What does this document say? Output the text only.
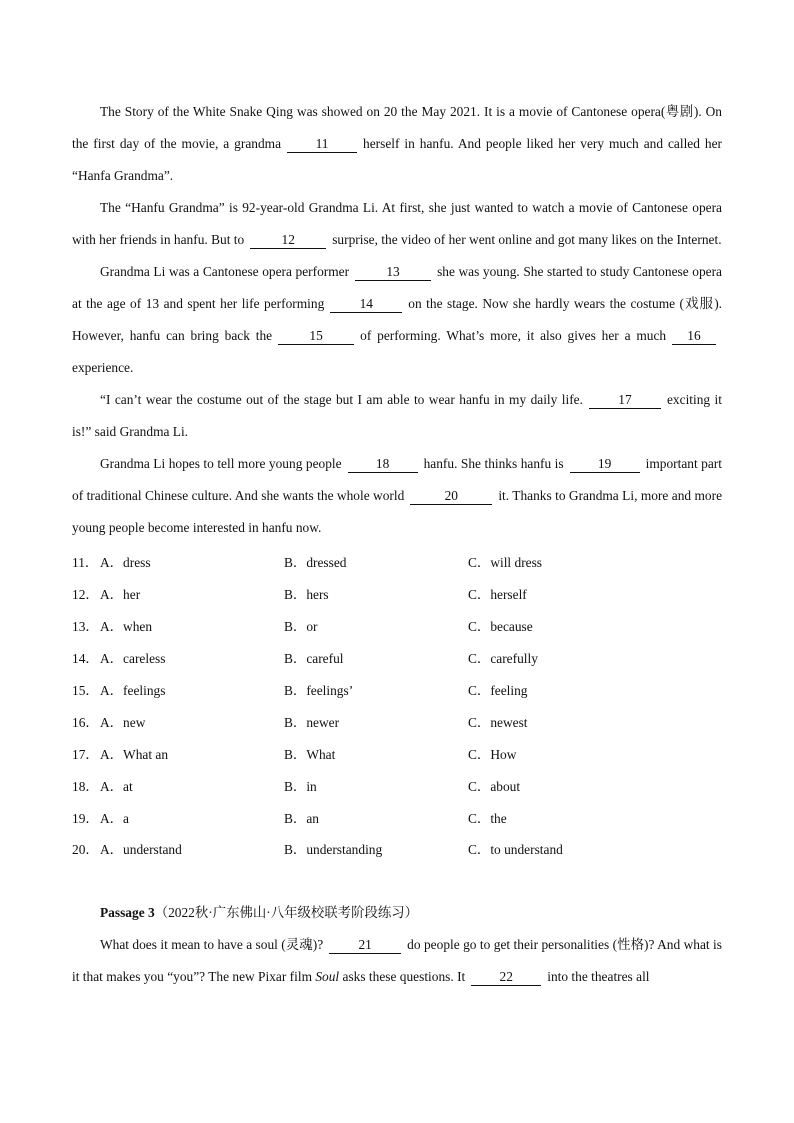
The Story of the White Snake Qing was showed on 20 the May 2021. It is a movie of Cantonese opera(粤剧). On the first day of the movie, a grandma	11	herself in hanfu. And people liked her very much and called her “Hanfa Grandma”.

The “Hanfu Grandma” is 92-year-old Grandma Li. At first, she just wanted to watch a movie of Cantonese opera with her friends in hanfu. But to	12	surprise, the video of her went online and got many likes on the Internet.

Grandma Li was a Cantonese opera performer	13	she was young. She started to study Cantonese opera at the age of 13 and spent her life performing	14	on the stage. Now she hardly wears the costume (戏服). However, hanfu can bring back the	15	of performing. What’s more, it also gives her a much 16experience.

“I can’t wear the costume out of the stage but I am able to wear hanfu in my daily life.	17	exciting it is!” said Grandma Li.

Grandma Li hopes to tell more young people	18	hanfu. She thinks hanfu is	19	important part of traditional Chinese culture. And she wants the whole world	20	it. Thanks to Grandma Li, more and more young people become interested in hanfu now.

11． A．dress	B．dressed	C．will dress
12． A．her	B．hers	C．herself
13． A．when	B．or	C．because
14． A．careless	B．careful	C．carefully
15． A．feelings	B．feelings’	C．feeling
16． A．new	B．newer	C．newest
17． A．What an	B．What	C．How
18． A．at	B．in	C．about
19． A．a	B．an	C．the
20． A．understand	B．understanding	C．to understand
Passage 3（2022秋·广东佛山·八年级校联考阶段练习）

What does it mean to have a soul (灵魂)?	21	do people go to get their personalities (性格)? And what is it that makes you “you”? The new Pixar film Soul asks these questions. It	22	into the theatres all
